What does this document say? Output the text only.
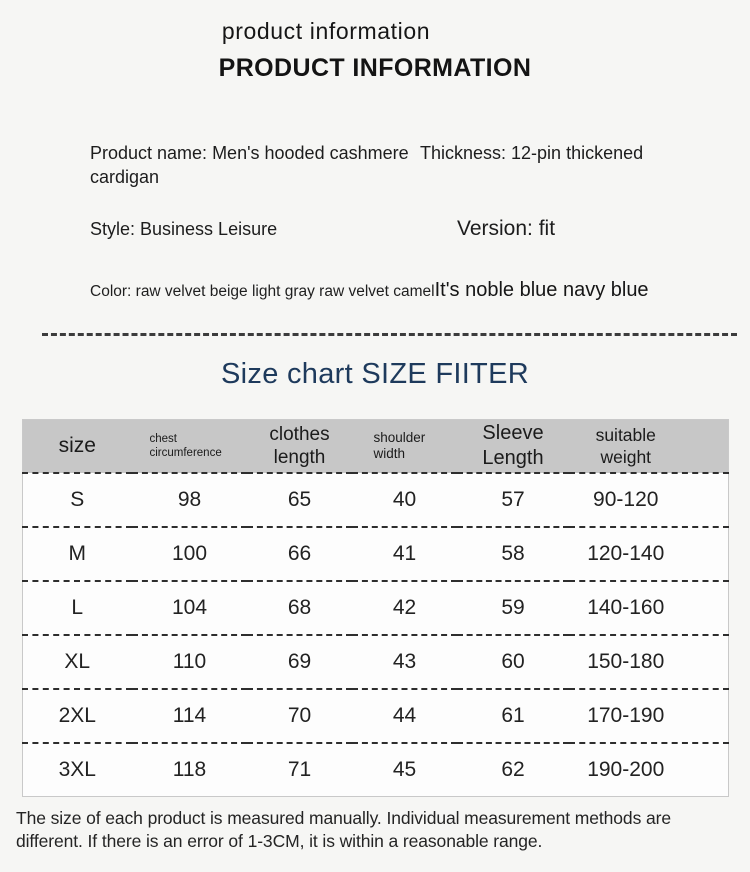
product information
PRODUCT INFORMATION
Product name: Men's hooded cashmere cardigan
Thickness: 12-pin thickened
Style: Business Leisure	Version: fit
Color: raw velvet beige light gray raw velvet camelIt's noble blue navy blue
Size chart SIZE FIITER
size	chest circumference	clothes length	shoulder width	Sleeve Length	suitable weight
S	98	65	40	57	90-120
M	100	66	41	58	120-140
L	104	68	42	59	140-160
XL	110	69	43	60	150-180
2XL	114	70	44	61	170-190
3XL	118	71	45	62	190-200

The size of each product is measured manually. Individual measurement methods are different. If there is an error of 1-3CM, it is within a reasonable range.
